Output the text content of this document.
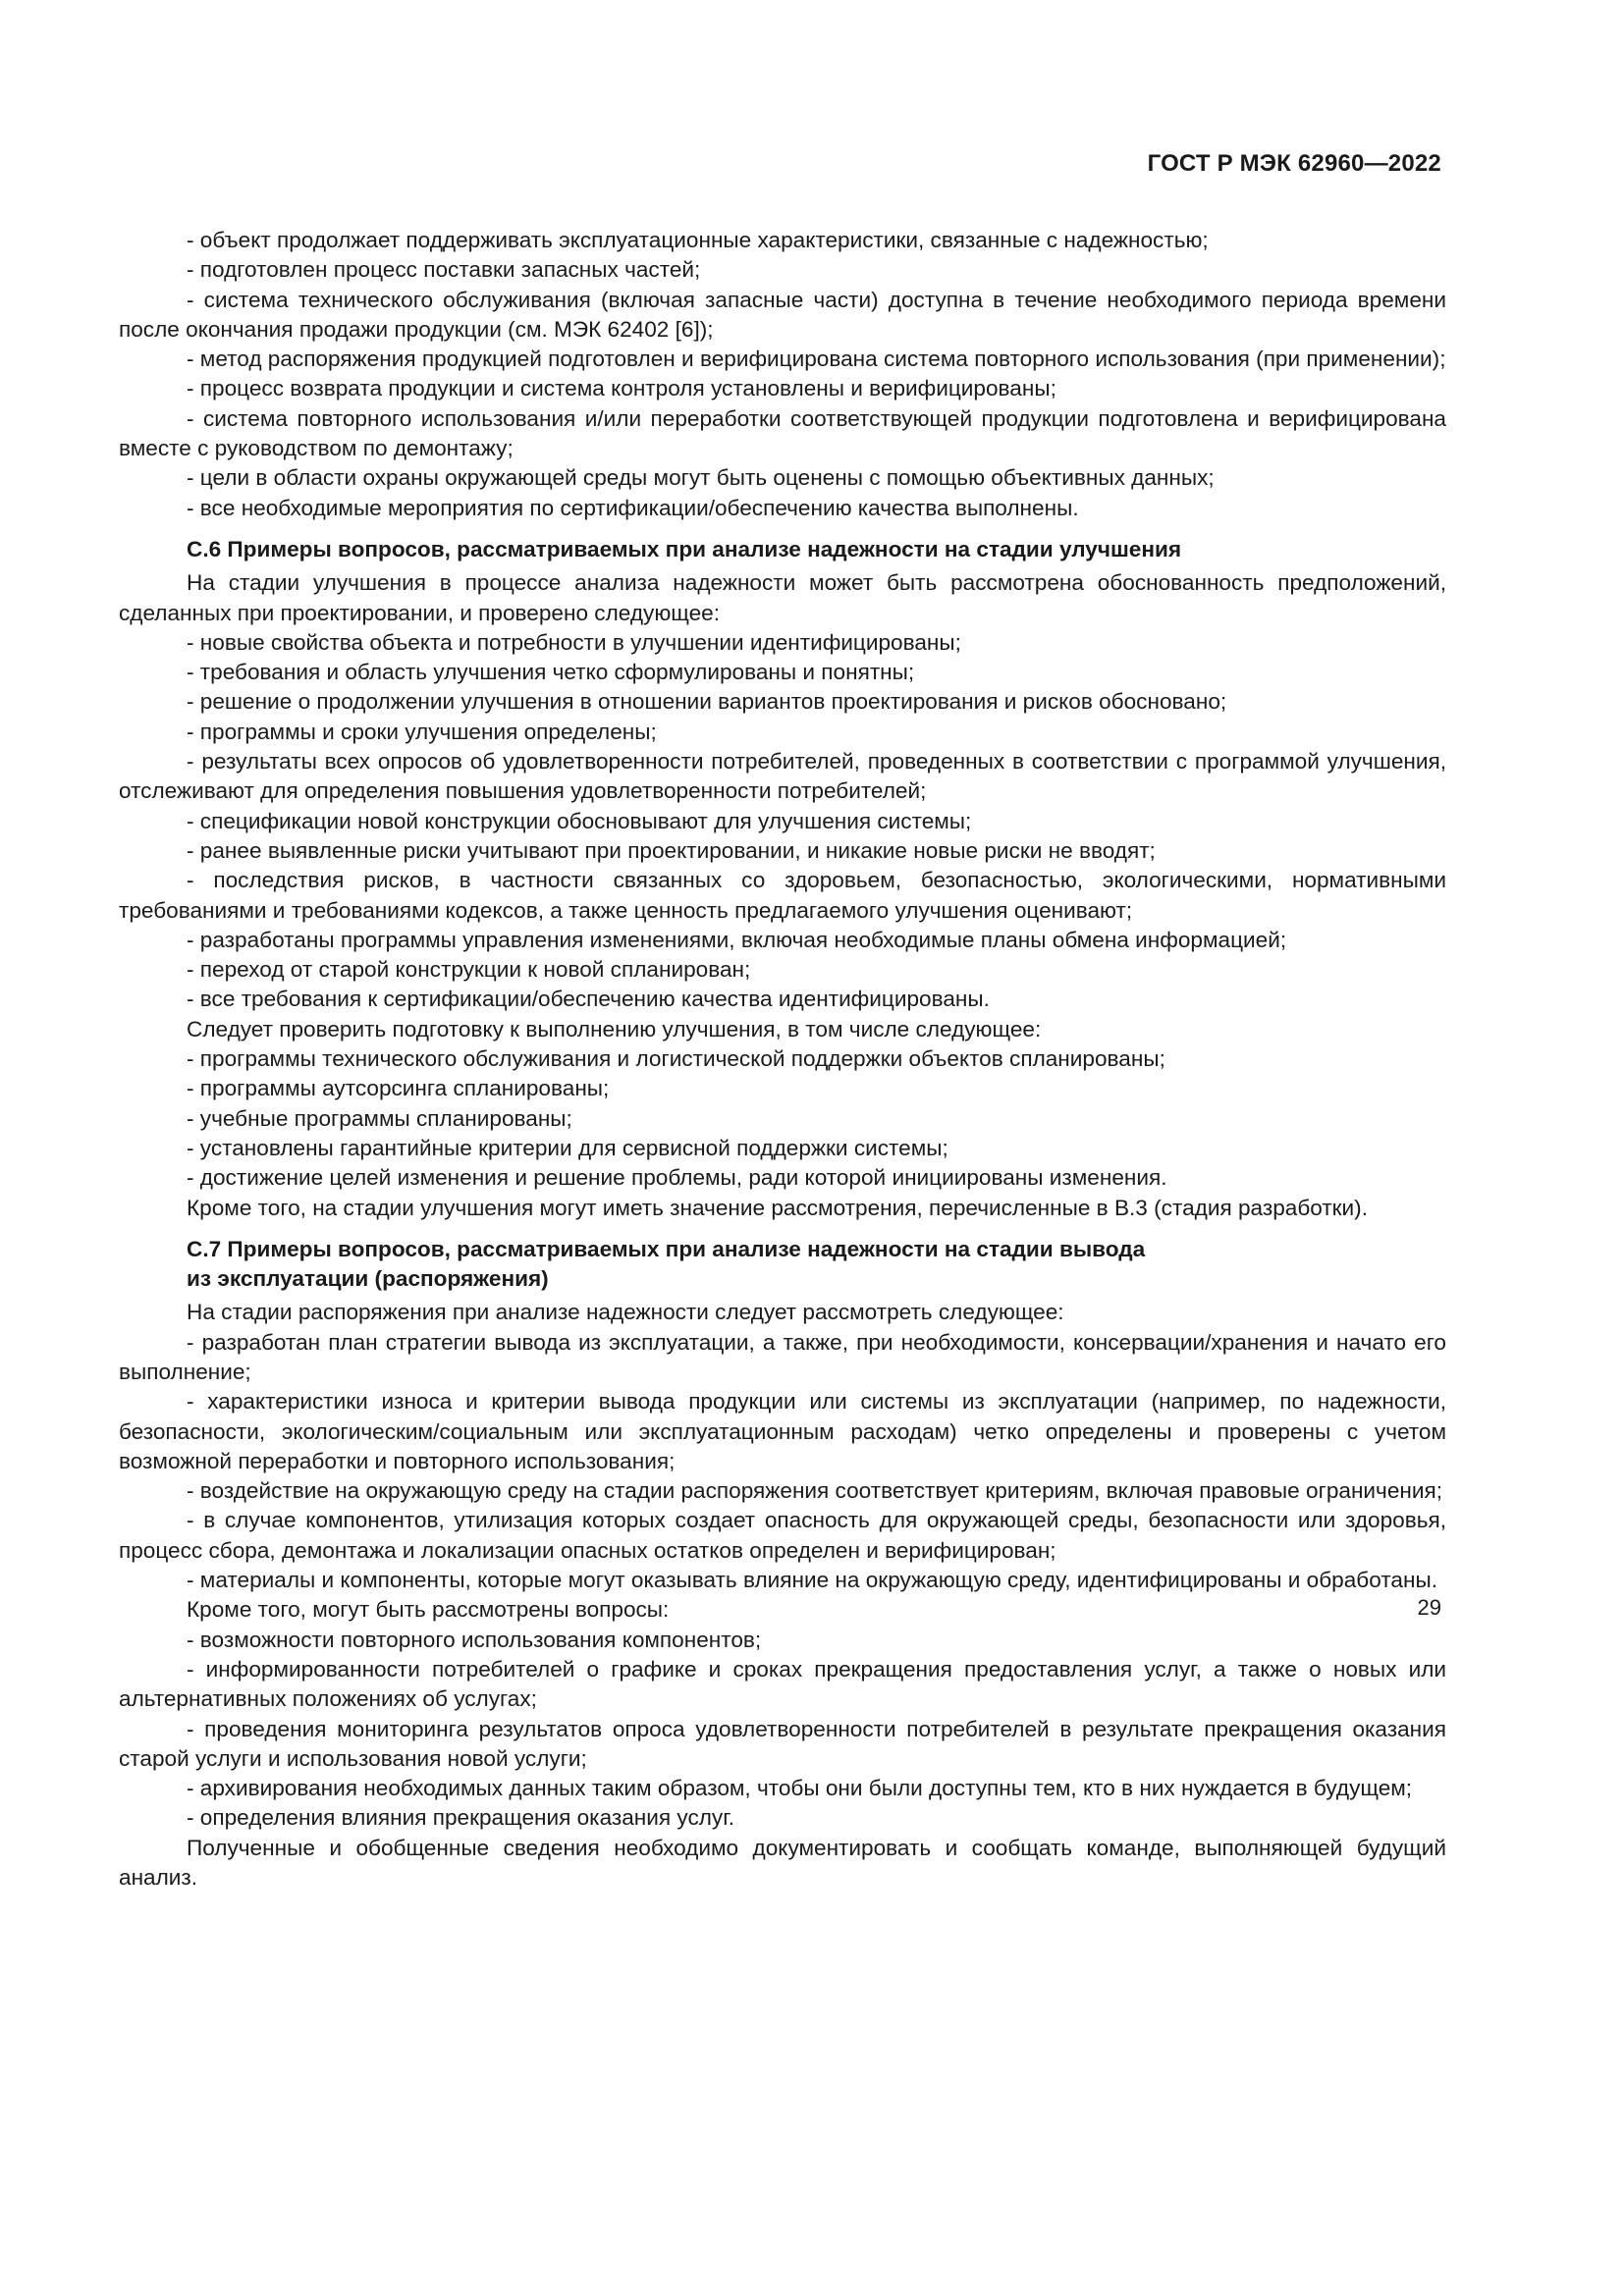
ГОСТ Р МЭК 62960—2022

- объект продолжает поддерживать эксплуатационные характеристики, связанные с надежностью;

- подготовлен процесс поставки запасных частей;

- система технического обслуживания (включая запасные части) доступна в течение необходимого периода времени после окончания продажи продукции (см. МЭК 62402 [6]);

- метод распоряжения продукцией подготовлен и верифицирована система повторного использования (при применении);

- процесс возврата продукции и система контроля установлены и верифицированы;

- система повторного использования и/или переработки соответствующей продукции подготовлена и верифицирована вместе с руководством по демонтажу;

- цели в области охраны окружающей среды могут быть оценены с помощью объективных данных;

- все необходимые мероприятия по сертификации/обеспечению качества выполнены.

С.6 Примеры вопросов, рассматриваемых при анализе надежности на стадии улучшения

На стадии улучшения в процессе анализа надежности может быть рассмотрена обоснованность предположений, сделанных при проектировании, и проверено следующее:

- новые свойства объекта и потребности в улучшении идентифицированы;

- требования и область улучшения четко сформулированы и понятны;

- решение о продолжении улучшения в отношении вариантов проектирования и рисков обосновано;

- программы и сроки улучшения определены;

- результаты всех опросов об удовлетворенности потребителей, проведенных в соответствии с программой улучшения, отслеживают для определения повышения удовлетворенности потребителей;

- спецификации новой конструкции обосновывают для улучшения системы;

- ранее выявленные риски учитывают при проектировании, и никакие новые риски не вводят;

- последствия рисков, в частности связанных со здоровьем, безопасностью, экологическими, нормативными требованиями и требованиями кодексов, а также ценность предлагаемого улучшения оценивают;

- разработаны программы управления изменениями, включая необходимые планы обмена информацией;

- переход от старой конструкции к новой спланирован;

- все требования к сертификации/обеспечению качества идентифицированы.

Следует проверить подготовку к выполнению улучшения, в том числе следующее:

- программы технического обслуживания и логистической поддержки объектов спланированы;

- программы аутсорсинга спланированы;

- учебные программы спланированы;

- установлены гарантийные критерии для сервисной поддержки системы;

- достижение целей изменения и решение проблемы, ради которой инициированы изменения.

Кроме того, на стадии улучшения могут иметь значение рассмотрения, перечисленные в В.3 (стадия разработки).

С.7 Примеры вопросов, рассматриваемых при анализе надежности на стадии вывода
из эксплуатации (распоряжения)

На стадии распоряжения при анализе надежности следует рассмотреть следующее:

- разработан план стратегии вывода из эксплуатации, а также, при необходимости, консервации/хранения и начато его выполнение;

- характеристики износа и критерии вывода продукции или системы из эксплуатации (например, по надежности, безопасности, экологическим/социальным или эксплуатационным расходам) четко определены и проверены с учетом возможной переработки и повторного использования;

- воздействие на окружающую среду на стадии распоряжения соответствует критериям, включая правовые ограничения;

- в случае компонентов, утилизация которых создает опасность для окружающей среды, безопасности или здоровья, процесс сбора, демонтажа и локализации опасных остатков определен и верифицирован;

- материалы и компоненты, которые могут оказывать влияние на окружающую среду, идентифицированы и обработаны.

Кроме того, могут быть рассмотрены вопросы:

- возможности повторного использования компонентов;

- информированности потребителей о графике и сроках прекращения предоставления услуг, а также о новых или альтернативных положениях об услугах;

- проведения мониторинга результатов опроса удовлетворенности потребителей в результате прекращения оказания старой услуги и использования новой услуги;

- архивирования необходимых данных таким образом, чтобы они были доступны тем, кто в них нуждается в будущем;

- определения влияния прекращения оказания услуг.

Полученные и обобщенные сведения необходимо документировать и сообщать команде, выполняющей будущий анализ.

29
